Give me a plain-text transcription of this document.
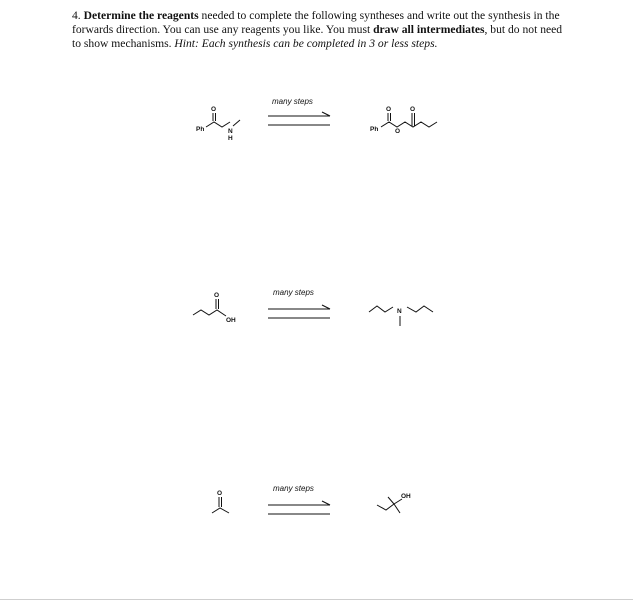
4. Determine the reagents needed to complete the following syntheses and write out the synthesis in the forwards direction. You can use any reagents you like. You must draw all intermediates, but do not need to show mechanisms. Hint: Each synthesis can be completed in 3 or less steps.
O
Ph	N
H
many steps
O	O
Ph	O
O
OH
many steps
N
O
many steps
OH
